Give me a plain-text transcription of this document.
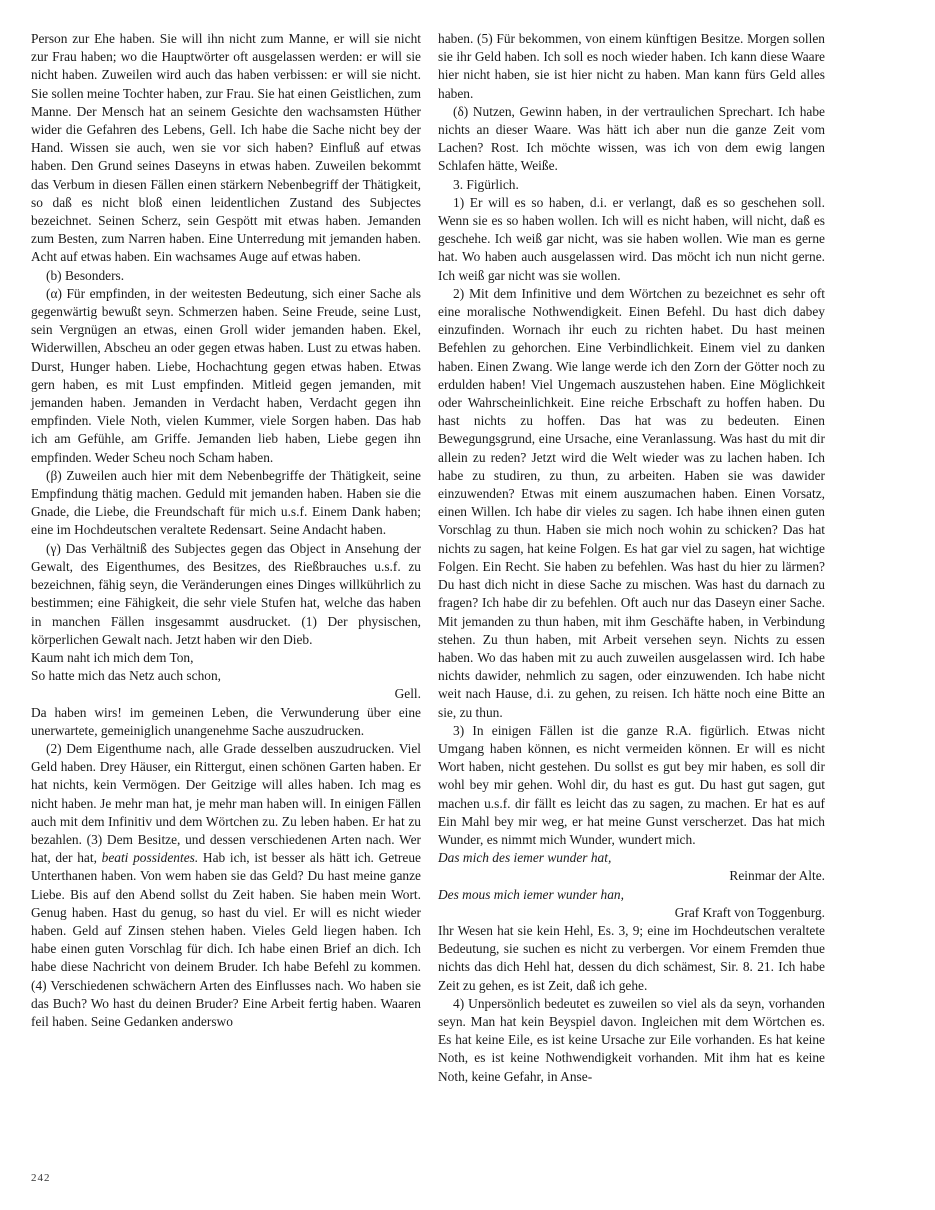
Person zur Ehe haben. Sie will ihn nicht zum Manne, er will sie nicht zur Frau haben; wo die Hauptwörter oft ausgelassen werden: er will sie nicht haben. Zuweilen wird auch das haben verbissen: er will sie nicht. Sie sollen meine Tochter haben, zur Frau. Sie hat einen Geistlichen, zum Manne. Der Mensch hat an seinem Gesichte den wachsamsten Hüther wider die Gefahren des Lebens, Gell. Ich habe die Sache nicht bey der Hand. Wissen sie auch, wen sie vor sich haben? Einfluß auf etwas haben. Den Grund seines Daseyns in etwas haben. Zuweilen bekommt das Verbum in diesen Fällen einen stärkern Nebenbegriff der Thätigkeit, so daß es nicht bloß einen leidentlichen Zustand des Subjectes bezeichnet. Seinen Scherz, sein Gespött mit etwas haben. Jemanden zum Besten, zum Narren haben. Eine Unterredung mit jemanden haben. Acht auf etwas haben. Ein wachsames Auge auf etwas haben.

(b) Besonders.

(α) Für empfinden, in der weitesten Bedeutung, sich einer Sache als gegenwärtig bewußt seyn. Schmerzen haben. Seine Freude, seine Lust, sein Vergnügen an etwas, einen Groll wider jemanden haben. Ekel, Widerwillen, Abscheu an oder gegen etwas haben. Lust zu etwas haben. Durst, Hunger haben. Liebe, Hochachtung gegen etwas haben. Etwas gern haben, es mit Lust empfinden. Mitleid gegen jemanden, mit jemanden haben. Jemanden in Verdacht haben, Verdacht gegen ihn empfinden. Viele Noth, vielen Kummer, viele Sorgen haben. Das hab ich am Gefühle, am Griffe. Jemanden lieb haben, Liebe gegen ihn empfinden. Weder Scheu noch Scham haben.

(β) Zuweilen auch hier mit dem Nebenbegriffe der Thätigkeit, seine Empfindung thätig machen. Geduld mit jemanden haben. Haben sie die Gnade, die Liebe, die Freundschaft für mich u.s.f. Einem Dank haben; eine im Hochdeutschen veraltete Redensart. Seine Andacht haben.

(γ) Das Verhältniß des Subjectes gegen das Object in Ansehung der Gewalt, des Eigenthumes, des Besitzes, des Rießbrauches u.s.f. zu bezeichnen, fähig seyn, die Veränderungen eines Dinges willkührlich zu bestimmen; eine Fähigkeit, die sehr viele Stufen hat, welche das haben in manchen Fällen insgesammt ausdrucket. (1) Der physischen, körperlichen Gewalt nach. Jetzt haben wir den Dieb.

Kaum naht ich mich dem Ton,

So hatte mich das Netz auch schon,

Gell.

Da haben wirs! im gemeinen Leben, die Verwunderung über eine unerwartete, gemeiniglich unangenehme Sache auszudrucken.

(2) Dem Eigenthume nach, alle Grade desselben auszudrucken. Viel Geld haben. Drey Häuser, ein Rittergut, einen schönen Garten haben. Er hat nichts, kein Vermögen. Der Geitzige will alles haben. Ich mag es nicht haben. Je mehr man hat, je mehr man haben will. In einigen Fällen auch mit dem Infinitiv und dem Wörtchen zu. Zu leben haben. Er hat zu bezahlen. (3) Dem Besitze, und dessen verschiedenen Arten nach. Wer hat, der hat, beati possidentes. Hab ich, ist besser als hätt ich. Getreue Unterthanen haben. Von wem haben sie das Geld? Du hast meine ganze Liebe. Bis auf den Abend sollst du Zeit haben. Sie haben mein Wort. Genug haben. Hast du genug, so hast du viel. Er will es nicht wieder haben. Geld auf Zinsen stehen haben. Vieles Geld liegen haben. Ich habe einen guten Vorschlag für dich. Ich habe einen Brief an dich. Ich habe diese Nachricht von deinem Bruder. Ich habe Befehl zu kommen. (4) Verschiedenen schwächern Arten des Einflusses nach. Wo haben sie das Buch? Wo hast du deinen Bruder? Eine Arbeit fertig haben. Waaren feil haben. Seine Gedanken anderswo

haben. (5) Für bekommen, von einem künftigen Besitze. Morgen sollen sie ihr Geld haben. Ich soll es noch wieder haben. Ich kann diese Waare hier nicht haben, sie ist hier nicht zu haben. Man kann fürs Geld alles haben.

(δ) Nutzen, Gewinn haben, in der vertraulichen Sprechart. Ich habe nichts an dieser Waare. Was hätt ich aber nun die ganze Zeit vom Lachen? Rost. Ich möchte wissen, was ich von dem ewig langen Schlafen hätte, Weiße.

3. Figürlich.

1) Er will es so haben, d.i. er verlangt, daß es so geschehen soll. Wenn sie es so haben wollen. Ich will es nicht haben, will nicht, daß es geschehe. Ich weiß gar nicht, was sie haben wollen. Wie man es gerne hat. Wo haben auch ausgelassen wird. Das möcht ich nun nicht gerne. Ich weiß gar nicht was sie wollen.

2) Mit dem Infinitive und dem Wörtchen zu bezeichnet es sehr oft eine moralische Nothwendigkeit. Einen Befehl. Du hast dich dabey einzufinden. Wornach ihr euch zu richten habet. Du hast meinen Befehlen zu gehorchen. Eine Verbindlichkeit. Einem viel zu danken haben. Einen Zwang. Wie lange werde ich den Zorn der Götter noch zu erdulden haben! Viel Ungemach auszustehen haben. Eine Möglichkeit oder Wahrscheinlichkeit. Eine reiche Erbschaft zu hoffen haben. Du hast nichts zu hoffen. Das hat was zu bedeuten. Einen Bewegungsgrund, eine Ursache, eine Veranlassung. Was hast du mit dir allein zu reden? Jetzt wird die Welt wieder was zu lachen haben. Ich habe zu studiren, zu thun, zu arbeiten. Haben sie was dawider einzuwenden? Etwas mit einem auszumachen haben. Einen Vorsatz, einen Willen. Ich habe dir vieles zu sagen. Ich habe ihnen einen guten Vorschlag zu thun. Haben sie mich noch wohin zu schicken? Das hat nichts zu sagen, hat keine Folgen. Es hat gar viel zu sagen, hat wichtige Folgen. Ein Recht. Sie haben zu befehlen. Was hast du hier zu lärmen? Du hast dich nicht in diese Sache zu mischen. Was hast du darnach zu fragen? Ich habe dir zu befehlen. Oft auch nur das Daseyn einer Sache. Mit jemanden zu thun haben, mit ihm Geschäfte haben, in Verbindung stehen. Zu thun haben, mit Arbeit versehen seyn. Nichts zu essen haben. Wo das haben mit zu auch zuweilen ausgelassen wird. Ich habe nichts dawider, nehmlich zu sagen, oder einzuwenden. Ich habe nicht weit nach Hause, d.i. zu gehen, zu reisen. Ich hätte noch eine Bitte an sie, zu thun.

3) In einigen Fällen ist die ganze R.A. figürlich. Etwas nicht Umgang haben können, es nicht vermeiden können. Er will es nicht Wort haben, nicht gestehen. Du sollst es gut bey mir haben, es soll dir wohl bey mir gehen. Wohl dir, du hast es gut. Du hast gut sagen, gut machen u.s.f. dir fällt es leicht das zu sagen, zu machen. Er hat es auf Ein Mahl bey mir weg, er hat meine Gunst verscherzet. Das hat mich Wunder, es nimmt mich Wunder, wundert mich.

Das mich des iemer wunder hat,

Reinmar der Alte.

Des mous mich iemer wunder han,

Graf Kraft von Toggenburg.

Ihr Wesen hat sie kein Hehl, Es. 3, 9; eine im Hochdeutschen veraltete Bedeutung, sie suchen es nicht zu verbergen. Vor einem Fremden thue nichts das dich Hehl hat, dessen du dich schämest, Sir. 8. 21. Ich habe Zeit zu gehen, es ist Zeit, daß ich gehe.

4) Unpersönlich bedeutet es zuweilen so viel als da seyn, vorhanden seyn. Man hat kein Beyspiel davon. Ingleichen mit dem Wörtchen es. Es hat keine Eile, es ist keine Ursache zur Eile vorhanden. Es hat keine Noth, es ist keine Nothwendigkeit vorhanden. Mit ihm hat es keine Noth, keine Gefahr, in Anse-

242
